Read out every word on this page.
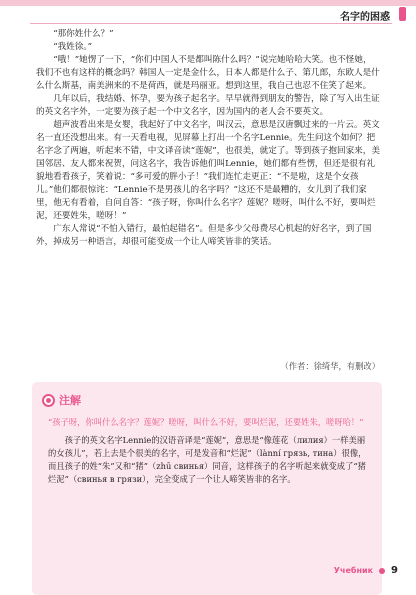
名字的困惑

“那你姓什么？”

“我姓徐。”

“哦！”她愣了一下，“你们中国人不是都叫陈什么吗？”说完她哈哈大笑。也不怪她，我们不也有这样的概念吗？韩国人一定是金什么，日本人都是什么子、第几郎，东欧人是什么什么斯基，南美洲来的不是荷西，就是玛丽亚。想到这里，我自己也忍不住笑了起来。

几年以后，我结婚、怀孕，要为孩子起名字。早早就得到朋友的警告，除了写入出生证的英文名字外，一定要为孩子起一个中文名字，因为国内的老人会不要英文。

超声波看出来是女婴，我起好了中文名字，叫汉云，意思是汉唐飘过来的一片云。英文名一直还没想出来。有一天看电视，见屏幕上打出一个名字Lennie。先生问这个如何？把名字念了两遍，听起来不错，中文译音读“莲妮”，也很美，就定了。等到孩子抱回家来，美国邻居、友人都来祝贺，问这名字，我告诉他们叫Lennie，她们都有些愣，但还是很有礼貌地看看孩子，笑着说：“多可爱的胖小子！”我们连忙走更正：“不是啦，这是个女孩儿。”他们都很惊诧：“Lennie不是男孩儿的名字吗？”这还不是最糟的，女儿到了我们家里，他无有看着，自问自答：“孩子呀，你叫什么名字？莲妮？嗟呀，叫什么不好，要叫烂泥，还要姓朱，嗟呀！”

广东人常说“不怕入错行，最怕起错名”。但是多少父母费尽心机起的好名字，到了国外，掉成另一种语言，却很可能变成一个让人啼笑皆非的笑话。

（作者：徐绮华，有删改）
注解
“孩子呀，你叫什么名字？莲妮？嗟呀，叫什么不好，要叫烂泥，还要姓朱，嗟呀哈！”

孩子的英文名字Lennie的汉语音译是“莲妮”，意思是“像莲花（лилия）一样美丽的女孩儿”，若上去是个很美的名字，可是发音和“烂泥”（lànní грязь, тина）很像，而且孩子的姓“朱”又和“猪”（zhū свинья）同音，这样孩子的名字听起来就变成了“猪烂泥”（свинья в грязи），完全变成了一个让人啼笑皆非的名字。

Учебник 9
